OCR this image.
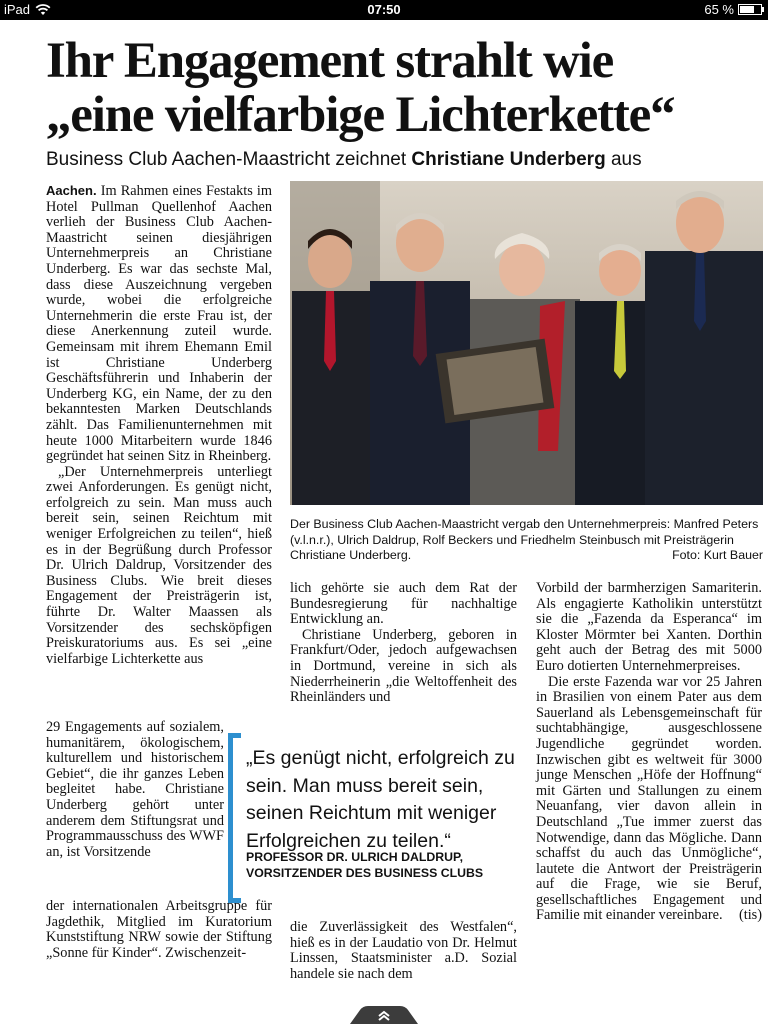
iPad	07:50	65 %
Ihr Engagement strahlt wie
„eine vielfarbige Lichterkette“
Business Club Aachen-Maastricht zeichnet Christiane Underberg aus

Aachen. Im Rahmen eines Festakts im Hotel Pullman Quellenhof Aachen verlieh der Business Club Aachen-Maastricht seinen diesjährigen Unternehmerpreis an Christiane Underberg. Es war das sechste Mal, dass diese Auszeichnung vergeben wurde, wobei die erfolgreiche Unternehmerin die erste Frau ist, der diese Anerkennung zuteil wurde. Gemeinsam mit ihrem Ehemann Emil ist Christiane Underberg Geschäftsführerin und Inhaberin der Underberg KG, ein Name, der zu den bekanntesten Marken Deutschlands zählt. Das Familienunternehmen mit heute 1000 Mitarbeitern wurde 1846 gegründet hat seinen Sitz in Rheinberg.

„Der Unternehmerpreis unterliegt zwei Anforderungen. Es genügt nicht, erfolgreich zu sein. Man muss auch bereit sein, seinen Reichtum mit weniger Erfolgreichen zu teilen“, hieß es in der Begrüßung durch Professor Dr. Ulrich Daldrup, Vorsitzender des Business Clubs. Wie breit dieses Engagement der Preisträgerin ist, führte Dr. Walter Maassen als Vorsitzender des sechsköpfigen Preiskuratoriums aus. Es sei „eine vielfarbige Lichterkette aus

29 Engagements auf sozialem, humanitärem, ökologischem, kulturellem und historischem Gebiet“, die ihr ganzes Leben begleitet habe. Christiane Underberg gehört unter anderem dem Stiftungsrat und Programmausschuss des WWF an, ist Vorsitzende

der internationalen Arbeitsgruppe für Jagdethik, Mitglied im Kuratorium Kunststiftung NRW sowie der Stiftung „Sonne für Kinder“. Zwischenzeit-

Der Business Club Aachen-Maastricht vergab den Unternehmerpreis: Manfred Peters (v.l.n.r.), Ulrich Daldrup, Rolf Beckers und Friedhelm Steinbusch mit Preisträgerin Christiane Underberg.	Foto: Kurt Bauer

lich gehörte sie auch dem Rat der Bundesregierung für nachhaltige Entwicklung an.

Christiane Underberg, geboren in Frankfurt/Oder, jedoch aufgewachsen in Dortmund, vereine in sich als Niederrheinerin „die Weltoffenheit des Rheinländers und

die Zuverlässigkeit des Westfalen“, hieß es in der Laudatio von Dr. Helmut Linssen, Staatsminister a.D. Sozial handele sie nach dem

„Es genügt nicht, erfolgreich zu sein. Man muss bereit sein, seinen Reichtum mit weniger Erfolgreichen zu teilen.“
PROFESSOR DR. ULRICH DALDRUP,
VORSITZENDER DES BUSINESS CLUBS

Vorbild der barmherzigen Samariterin. Als engagierte Katholikin unterstützt sie die „Fazenda da Esperanca“ im Kloster Mörmter bei Xanten. Dorthin geht auch der Betrag des mit 5000 Euro dotierten Unternehmerpreises.

Die erste Fazenda war vor 25 Jahren in Brasilien von einem Pater aus dem Sauerland als Lebensgemeinschaft für suchtabhängige, ausgeschlossene Jugendliche gegründet worden. Inzwischen gibt es weltweit für 3000 junge Menschen „Höfe der Hoffnung“ mit Gärten und Stallungen zu einem Neuanfang, vier davon allein in Deutschland „Tue immer zuerst das Notwendige, dann das Mögliche. Dann schaffst du auch das Unmögliche“, lautete die Antwort der Preisträgerin auf die Frage, wie sie Beruf, gesellschaftliches Engagement und Familie mit einander vereinbare.	(tis)
